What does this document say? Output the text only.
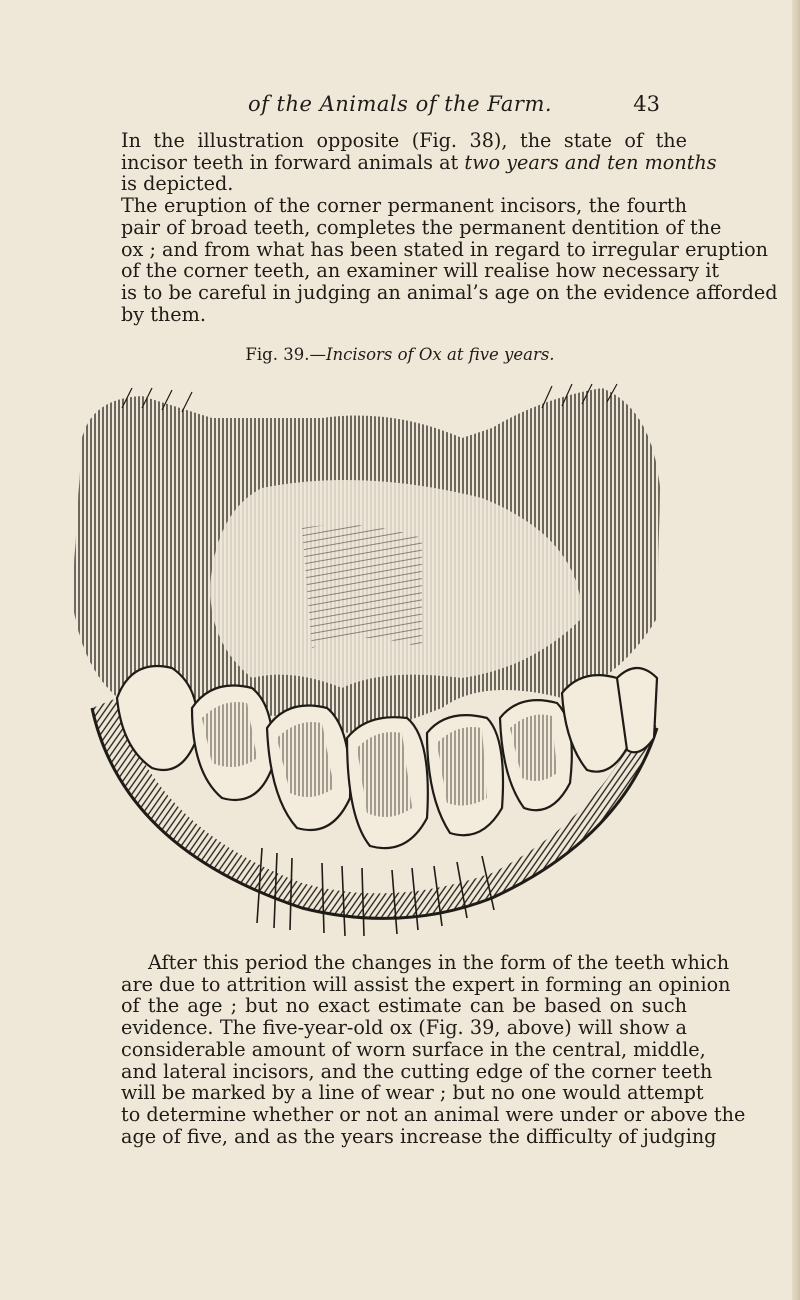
of the Animals of the Farm.	43
In the illustration opposite (Fig. 38), the state of the
incisor teeth in forward animals at two years and ten months
is depicted.
The eruption of the corner permanent incisors, the fourth
pair of broad teeth, completes the permanent dentition of the
ox ; and from what has been stated in regard to irregular eruption
of the corner teeth, an examiner will realise how necessary it
is to be careful in judging an animal’s age on the evidence afforded
by them.
Fig. 39.—Incisors of Ox at five years.
After this period the changes in the form of the teeth which
are due to attrition will assist the expert in forming an opinion
of the age ; but no exact estimate can be based on such
evidence. The five-year-old ox (Fig. 39, above) will show a
considerable amount of worn surface in the central, middle,
and lateral incisors, and the cutting edge of the corner teeth
will be marked by a line of wear ; but no one would attempt
to determine whether or not an animal were under or above the
age of five, and as the years increase the difficulty of judging
